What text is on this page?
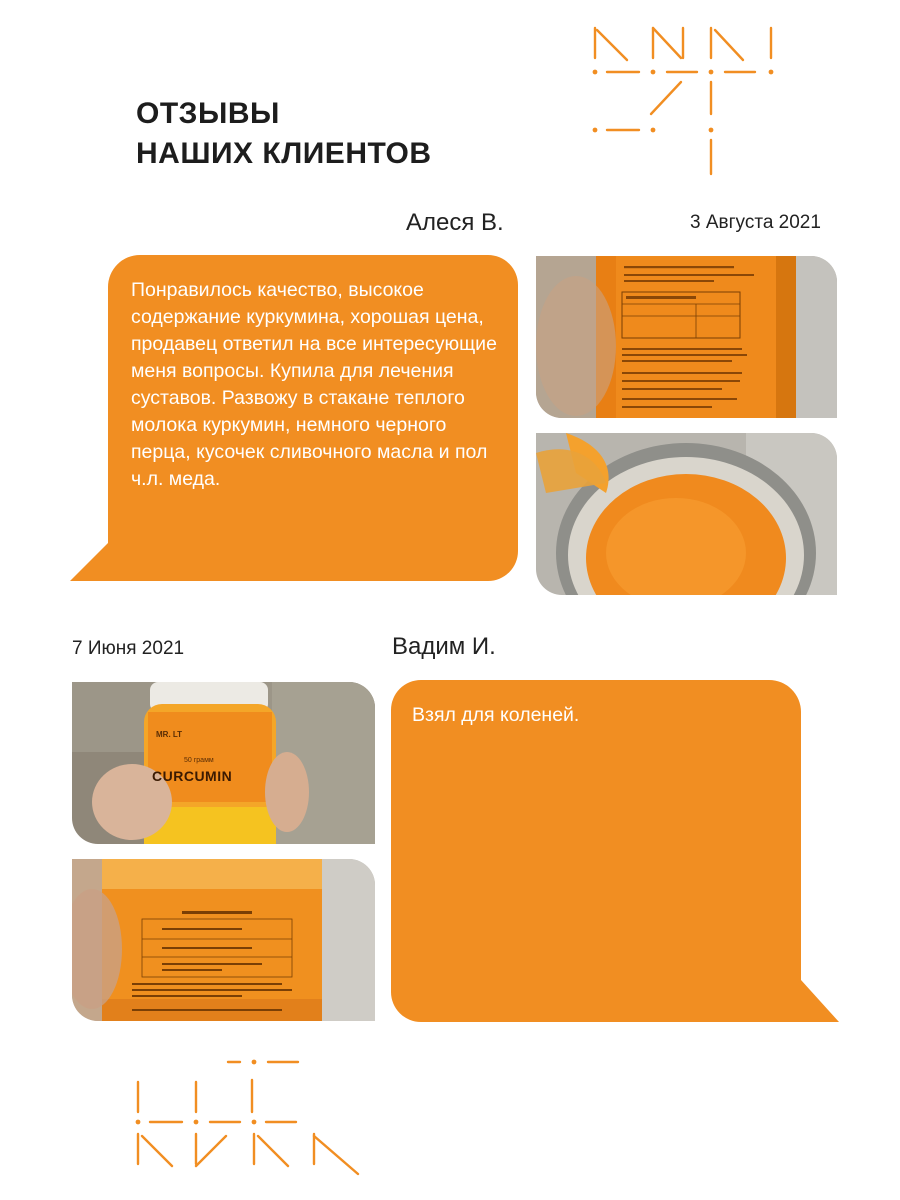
ОТЗЫВЫ
НАШИХ КЛИЕНТОВ
Алеся В.	3 Августа 2021
Понравилось качество, высокое содержание куркумина, хорошая цена, продавец ответил на все интересующие меня вопросы. Купила для лечения суставов. Развожу в стакане теплого молока куркумин, немного черного перца, кусочек сливочного масла и пол ч.л. меда.
7 Июня 2021	Вадим И.
MR. LT
50 грамм
CURCUMIN
Взял для коленей.
